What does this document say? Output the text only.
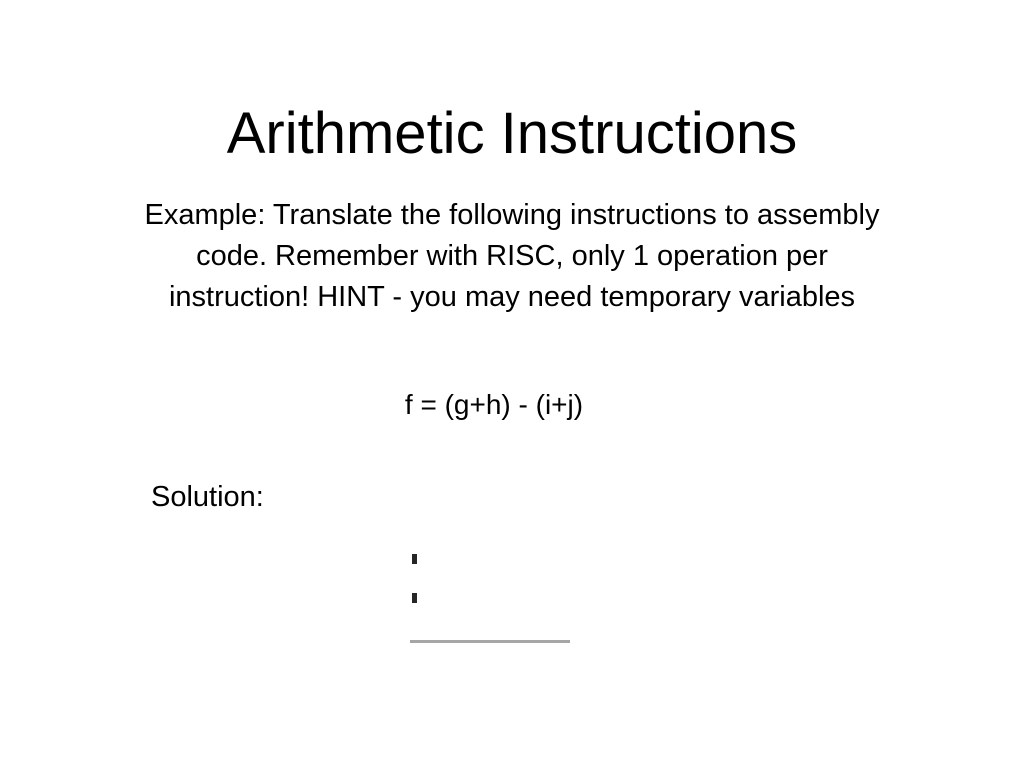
Arithmetic Instructions
Example: Translate the following instructions to assembly code. Remember with RISC, only 1 operation per instruction! HINT - you may need temporary variables
f = (g+h) - (i+j)
Solution:
